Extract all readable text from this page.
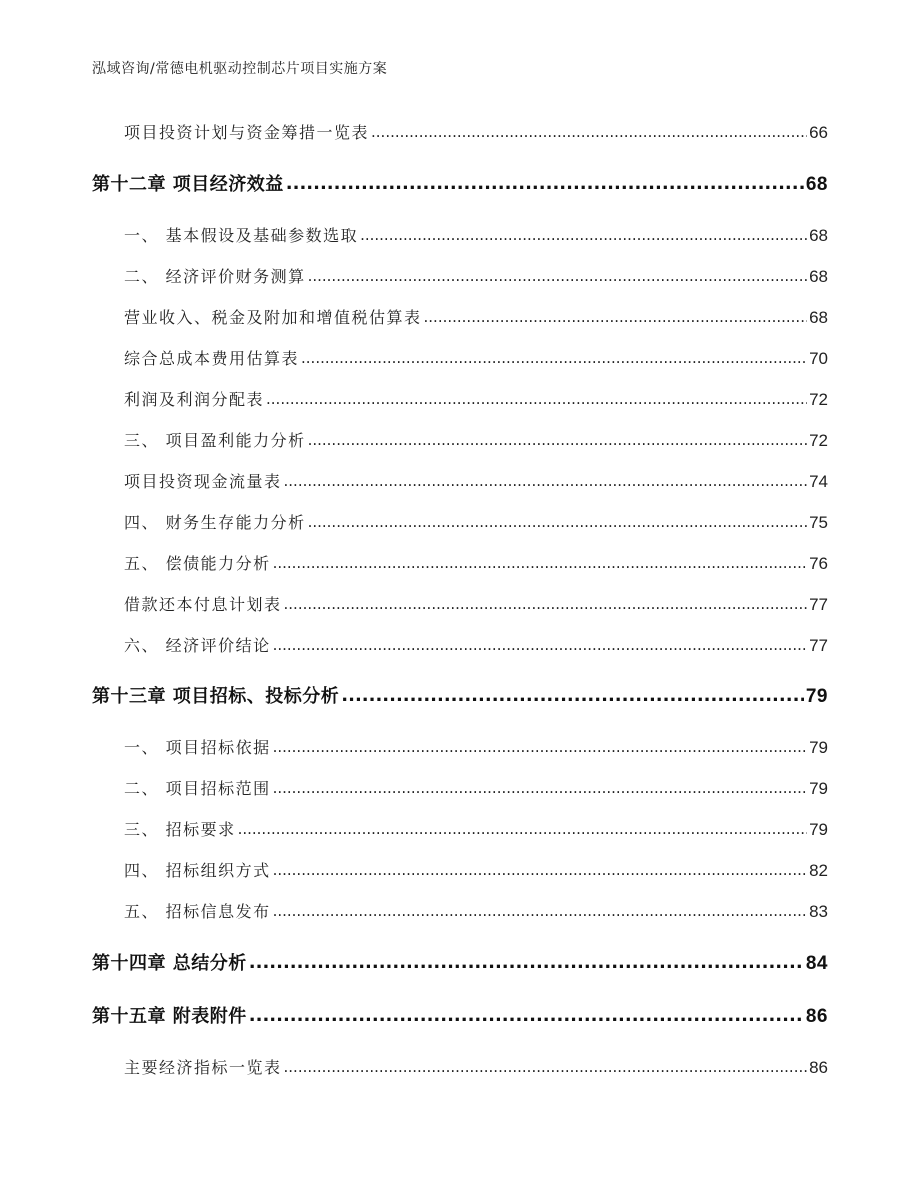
泓域咨询/常德电机驱动控制芯片项目实施方案
项目投资计划与资金筹措一览表 .....	66
第十二章 项目经济效益 .....	68
一、 基本假设及基础参数选取 .....	68
二、 经济评价财务测算 .....	68
营业收入、税金及附加和增值税估算表 .....	68
综合总成本费用估算表 .....	70
利润及利润分配表 .....	72
三、 项目盈利能力分析 .....	72
项目投资现金流量表 .....	74
四、 财务生存能力分析 .....	75
五、 偿债能力分析 .....	76
借款还本付息计划表 .....	77
六、 经济评价结论 .....	77
第十三章 项目招标、投标分析 .....	79
一、 项目招标依据 .....	79
二、 项目招标范围 .....	79
三、 招标要求 .....	79
四、 招标组织方式 .....	82
五、 招标信息发布 .....	83
第十四章 总结分析 .....	84
第十五章 附表附件 .....	86
主要经济指标一览表 .....	86
